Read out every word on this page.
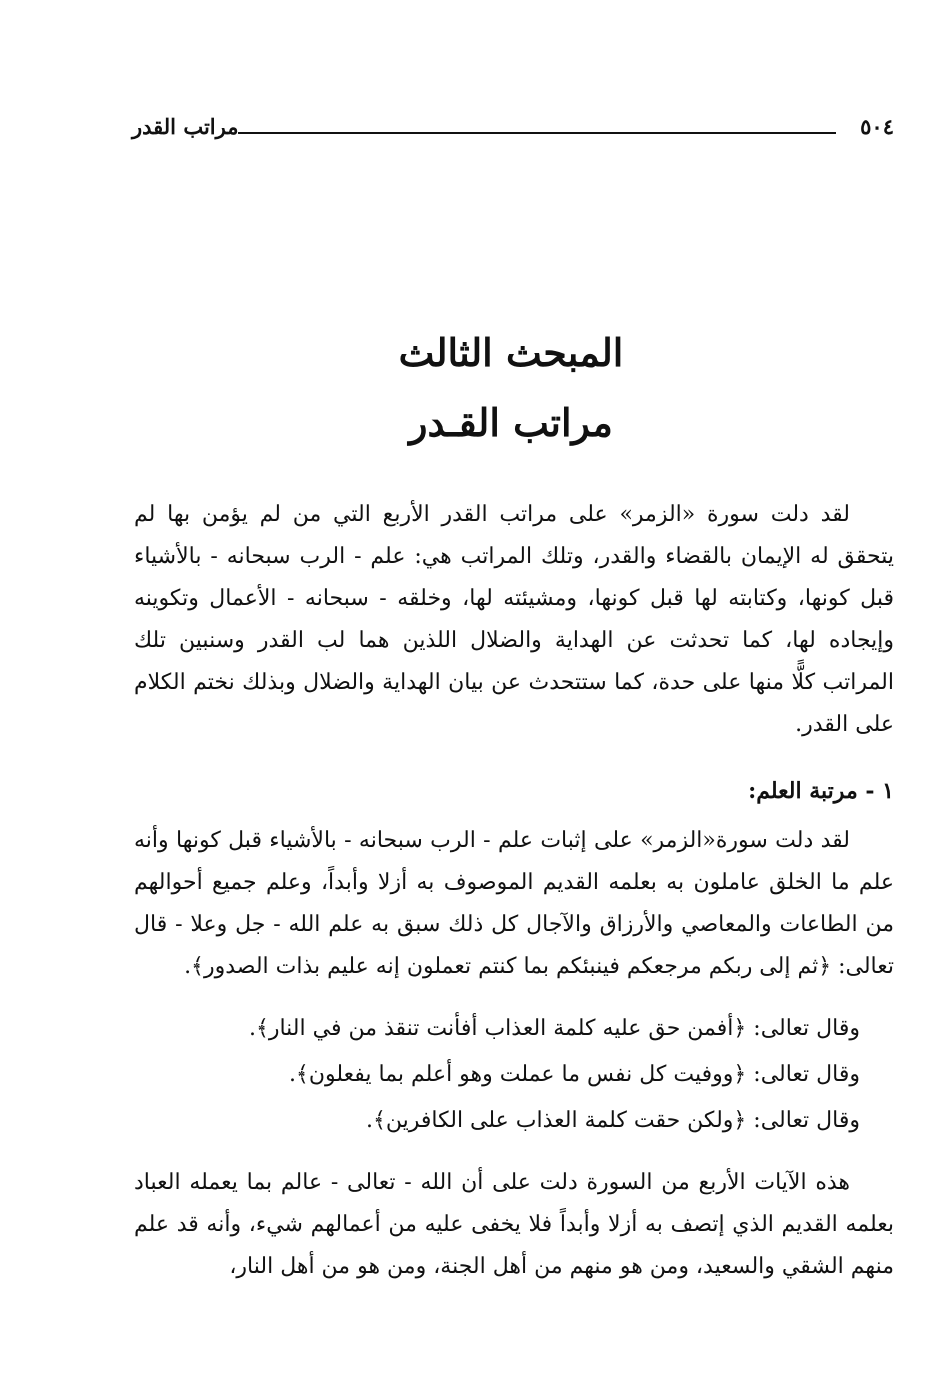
٥٠٤
مراتب القدر
المبحث الثالث
مراتب القـدر

لقد دلت سورة «الزمر» على مراتب القدر الأربع التي من لم يؤمن بها لم يتحقق له الإيمان بالقضاء والقدر، وتلك المراتب هي: علم - الرب سبحانه - بالأشياء قبل كونها، وكتابته لها قبل كونها، ومشيئته لها، وخلقه - سبحانه - الأعمال وتكوينه وإيجاده لها، كما تحدثت عن الهداية والضلال اللذين هما لب القدر وسنبين تلك المراتب كلًّا منها على حدة، كما ستتحدث عن بيان الهداية والضلال وبذلك نختم الكلام على القدر.

١ - مرتبة العلم:

لقد دلت سورة«الزمر» على إثبات علم - الرب سبحانه - بالأشياء قبل كونها وأنه علم ما الخلق عاملون به بعلمه القديم الموصوف به أزلا وأبداً، وعلم جميع أحوالهم من الطاعات والمعاصي والأرزاق والآجال كل ذلك سبق به علم الله - جل وعلا - قال تعالى: ﴿ثم إلى ربكم مرجعكم فينبئكم بما كنتم تعملون إنه عليم بذات الصدور﴾.

وقال تعالى: ﴿أفمن حق عليه كلمة العذاب أفأنت تنقذ من في النار﴾.
وقال تعالى: ﴿ووفيت كل نفس ما عملت وهو أعلم بما يفعلون﴾.
وقال تعالى: ﴿ولكن حقت كلمة العذاب على الكافرين﴾.

هذه الآيات الأربع من السورة دلت على أن الله - تعالى - عالم بما يعمله العباد بعلمه القديم الذي إتصف به أزلا وأبداً فلا يخفى عليه من أعمالهم شيء، وأنه قد علم منهم الشقي والسعيد، ومن هو منهم من أهل الجنة، ومن هو من أهل النار،
